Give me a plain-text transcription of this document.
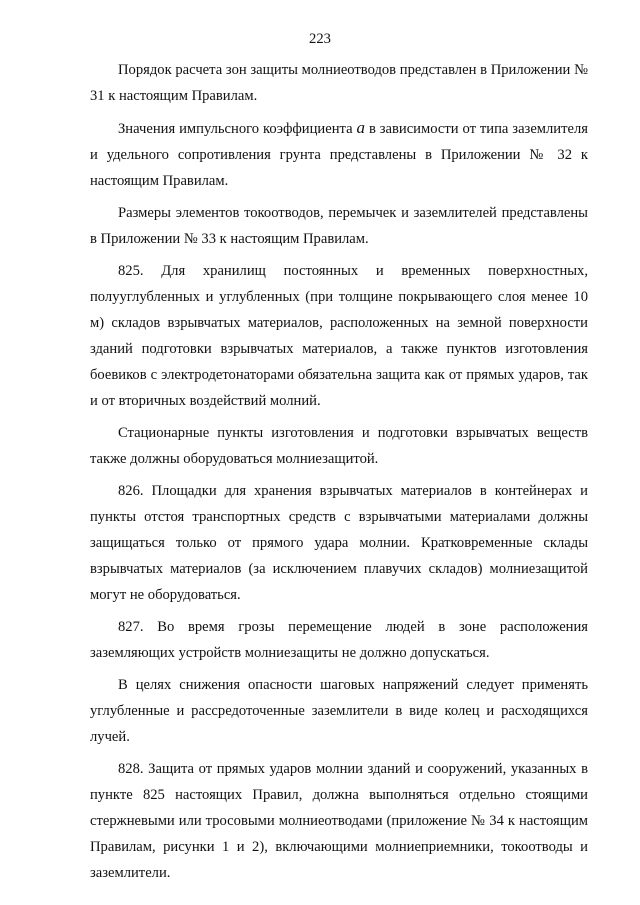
223

Порядок расчета зон защиты молниеотводов представлен в Приложении № 31 к настоящим Правилам.

Значения импульсного коэффициента a в зависимости от типа заземлителя и удельного сопротивления грунта представлены в Приложении № 32 к настоящим Правилам.

Размеры элементов токоотводов, перемычек и заземлителей представлены в Приложении № 33 к настоящим Правилам.

825. Для хранилищ постоянных и временных поверхностных, полууглубленных и углубленных (при толщине покрывающего слоя менее 10 м) складов взрывчатых материалов, расположенных на земной поверхности зданий подготовки взрывчатых материалов, а также пунктов изготовления боевиков с электродетонаторами обязательна защита как от прямых ударов, так и от вторичных воздействий молний.

Стационарные пункты изготовления и подготовки взрывчатых веществ также должны оборудоваться молниезащитой.

826. Площадки для хранения взрывчатых материалов в контейнерах и пункты отстоя транспортных средств с взрывчатыми материалами должны защищаться только от прямого удара молнии. Кратковременные склады взрывчатых материалов (за исключением плавучих складов) молниезащитой могут не оборудоваться.

827. Во время грозы перемещение людей в зоне расположения заземляющих устройств молниезащиты не должно допускаться.

В целях снижения опасности шаговых напряжений следует применять углубленные и рассредоточенные заземлители в виде колец и расходящихся лучей.

828. Защита от прямых ударов молнии зданий и сооружений, указанных в пункте 825 настоящих Правил, должна выполняться отдельно стоящими стержневыми или тросовыми молниеотводами (приложение № 34 к настоящим Правилам, рисунки 1 и 2), включающими молниеприемники, токоотводы и заземлители.
